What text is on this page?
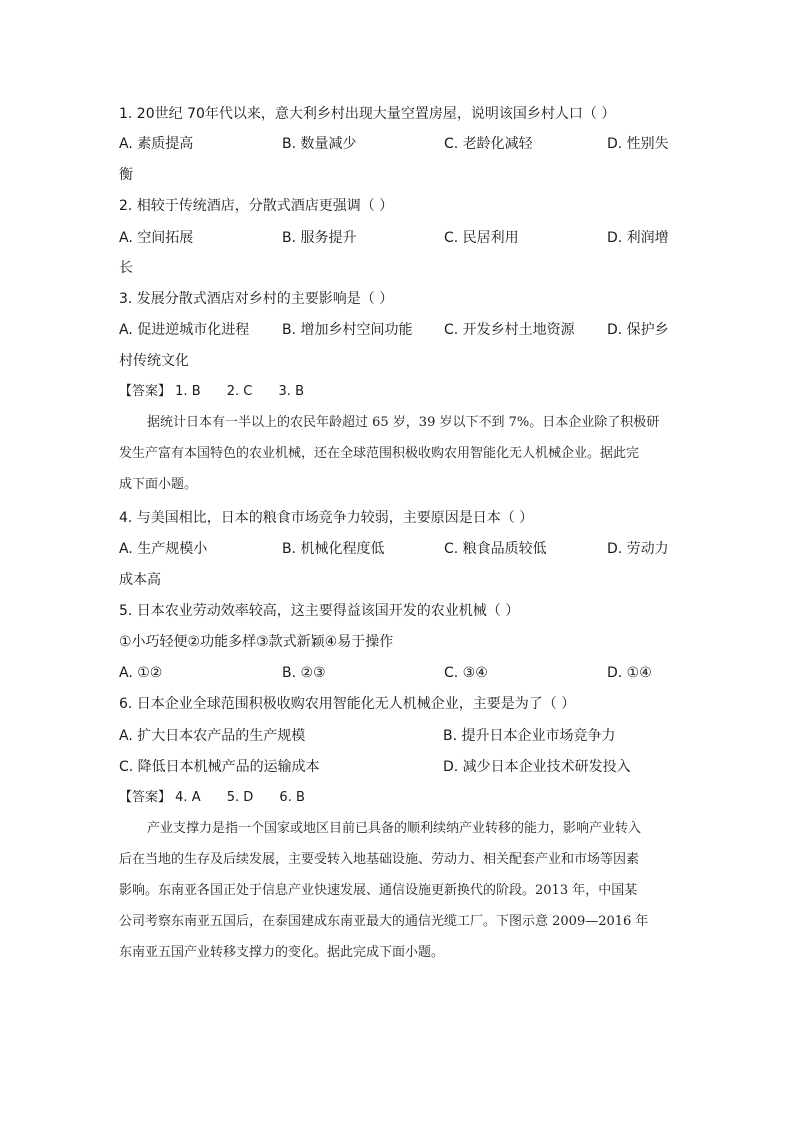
1. 20世纪 70年代以来，意大利乡村出现大量空置房屋，说明该国乡村人口（ ）
A. 素质提高	B. 数量减少	C. 老龄化减轻	D. 性别失
衡
2. 相较于传统酒店，分散式酒店更强调（ ）
A. 空间拓展	B. 服务提升	C. 民居利用	D. 利润增
长
3. 发展分散式酒店对乡村的主要影响是（ ）
A. 促进逆城市化进程 B. 增加乡村空间功能 C. 开发乡村土地资源 D. 保护乡
村传统文化
【答案】 1. B 2. C 3. B

据统计日本有一半以上的农民年龄超过 65 岁，39 岁以下不到 7%。日本企业除了积极研

发生产富有本国特色的农业机械，还在全球范围积极收购农用智能化无人机械企业。据此完

成下面小题。

4. 与美国相比，日本的粮食市场竞争力较弱，主要原因是日本（ ）
A. 生产规模小	B. 机械化程度低	C. 粮食品质较低	D. 劳动力
成本高
5. 日本农业劳动效率较高，这主要得益该国开发的农业机械（ ）
①小巧轻便②功能多样③款式新颖④易于操作
A. ①②	B. ②③	C. ③④	D. ①④
6. 日本企业全球范围积极收购农用智能化无人机械企业，主要是为了（ ）
A. 扩大日本农产品的生产规模	B. 提升日本企业市场竞争力
C. 降低日本机械产品的运输成本	D. 减少日本企业技术研发投入
【答案】 4. A 5. D 6. B

产业支撑力是指一个国家或地区目前已具备的顺利续纳产业转移的能力，影响产业转入

后在当地的生存及后续发展，主要受转入地基础设施、劳动力、相关配套产业和市场等因素

影响。东南亚各国正处于信息产业快速发展、通信设施更新换代的阶段。2013 年，中国某

公司考察东南亚五国后，在泰国建成东南亚最大的通信光缆工厂。下图示意 2009—2016 年

东南亚五国产业转移支撑力的变化。据此完成下面小题。
